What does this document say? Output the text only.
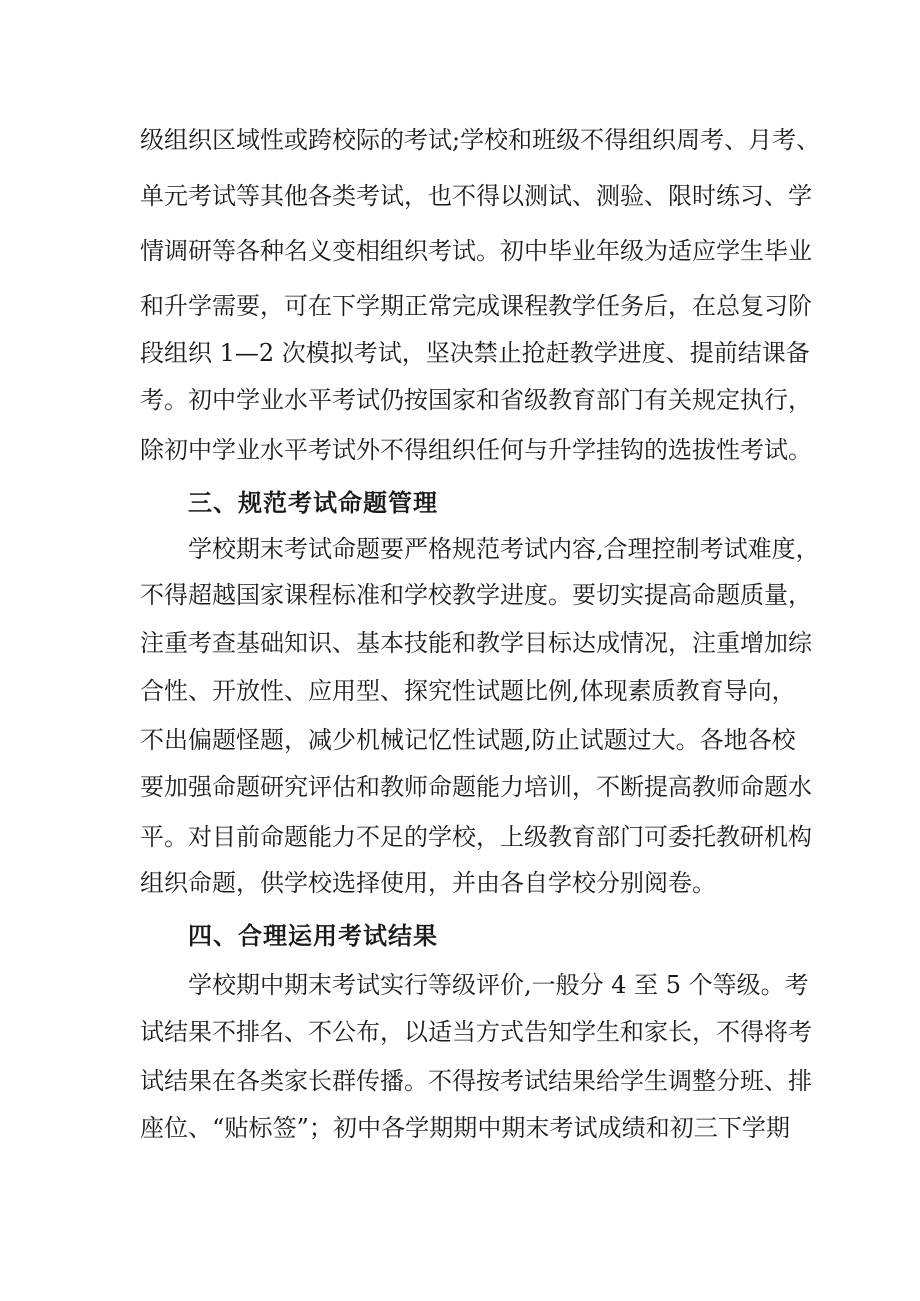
级组织区域性或跨校际的考试;学校和班级不得组织周考、月考、
单元考试等其他各类考试，也不得以测试、测验、限时练习、学
情调研等各种名义变相组织考试。初中毕业年级为适应学生毕业
和升学需要，可在下学期正常完成课程教学任务后，在总复习阶
段组织 1—2 次模拟考试，坚决禁止抢赶教学进度、提前结课备
考。初中学业水平考试仍按国家和省级教育部门有关规定执行，
除初中学业水平考试外不得组织任何与升学挂钩的选拔性考试。
三、规范考试命题管理
学校期末考试命题要严格规范考试内容,合理控制考试难度，
不得超越国家课程标准和学校教学进度。要切实提高命题质量，
注重考查基础知识、基本技能和教学目标达成情况，注重增加综
合性、开放性、应用型、探究性试题比例,体现素质教育导向，
不出偏题怪题，减少机械记忆性试题,防止试题过大。各地各校
要加强命题研究评估和教师命题能力培训，不断提高教师命题水
平。对目前命题能力不足的学校，上级教育部门可委托教研机构
组织命题，供学校选择使用，并由各自学校分别阅卷。
四、合理运用考试结果
学校期中期末考试实行等级评价,一般分 4 至 5 个等级。考
试结果不排名、不公布，以适当方式告知学生和家长，不得将考
试结果在各类家长群传播。不得按考试结果给学生调整分班、排
座位、“贴标签”；初中各学期期中期末考试成绩和初三下学期
